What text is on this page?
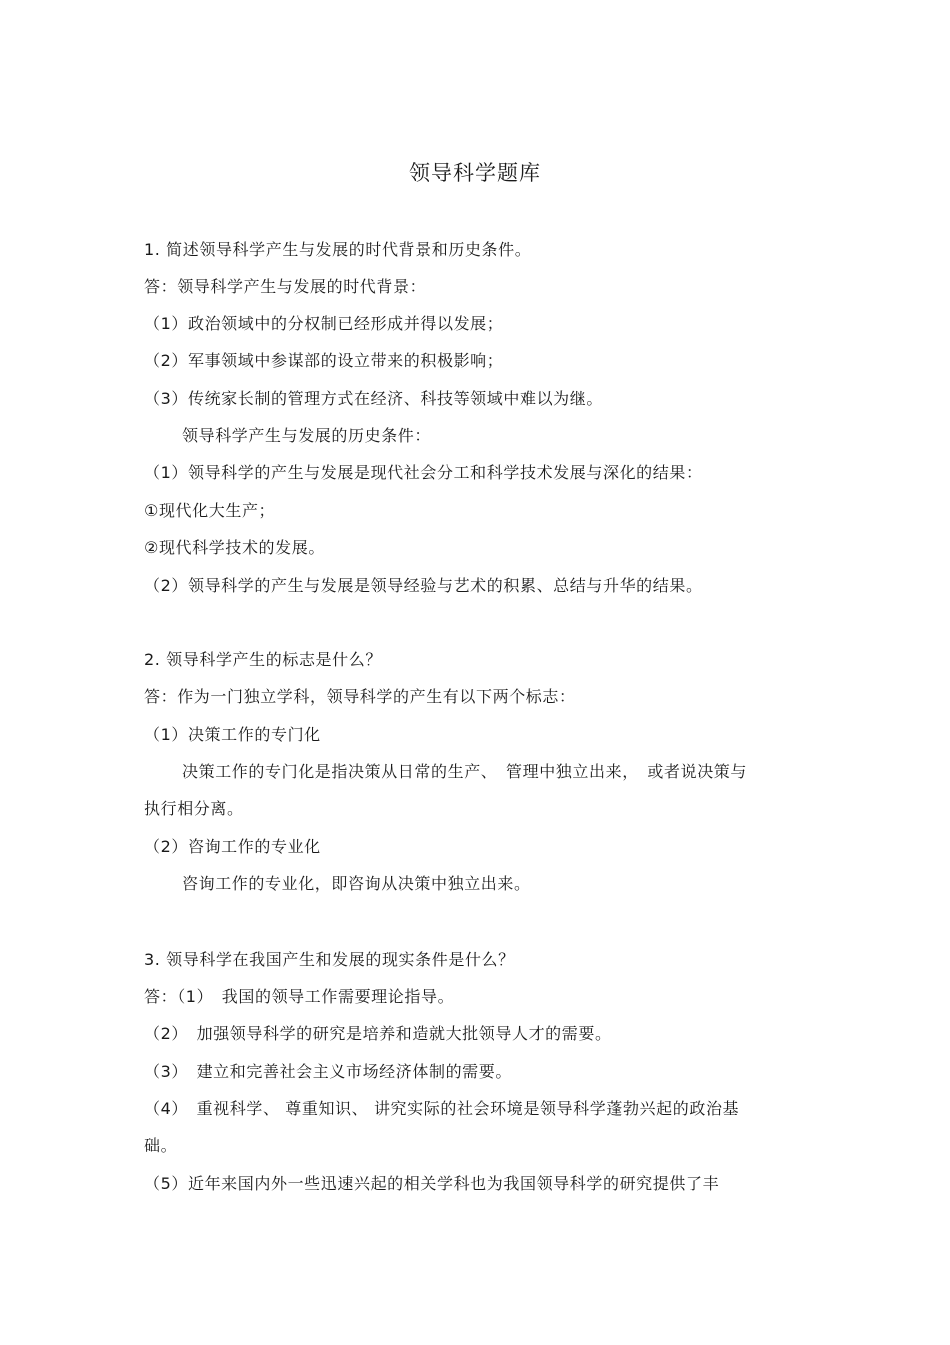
领导科学题库
1. 简述领导科学产生与发展的时代背景和历史条件。
答：领导科学产生与发展的时代背景：
（1）政治领域中的分权制已经形成并得以发展；
（2）军事领域中参谋部的设立带来的积极影响；
（3）传统家长制的管理方式在经济、科技等领域中难以为继。
领导科学产生与发展的历史条件：
（1）领导科学的产生与发展是现代社会分工和科学技术发展与深化的结果：
①现代化大生产；
②现代科学技术的发展。
（2）领导科学的产生与发展是领导经验与艺术的积累、总结与升华的结果。
2. 领导科学产生的标志是什么？
答：作为一门独立学科，领导科学的产生有以下两个标志：
（1）决策工作的专门化
决策工作的专门化是指决策从日常的生产、　管理中独立出来，　或者说决策与
执行相分离。
（2）咨询工作的专业化
咨询工作的专业化，即咨询从决策中独立出来。
3. 领导科学在我国产生和发展的现实条件是什么？
答：（1）　我国的领导工作需要理论指导。
（2）　加强领导科学的研究是培养和造就大批领导人才的需要。
（3）　建立和完善社会主义市场经济体制的需要。
（4）　重视科学、 尊重知识、 讲究实际的社会环境是领导科学蓬勃兴起的政治基
础。
（5）近年来国内外一些迅速兴起的相关学科也为我国领导科学的研究提供了丰
